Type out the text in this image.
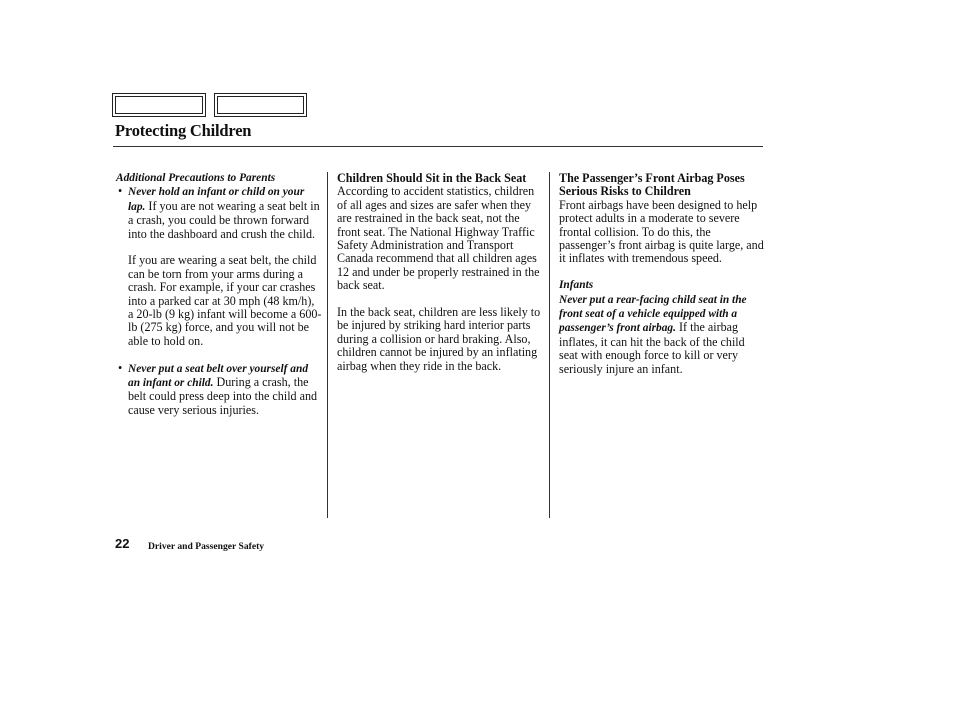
Protecting Children

Additional Precautions to Parents

• Never hold an infant or child on your lap. If you are not wearing a seat belt in a crash, you could be thrown forward into the dashboard and crush the child.

If you are wearing a seat belt, the child can be torn from your arms during a crash. For example, if your car crashes into a parked car at 30 mph (48 km/h), a 20-lb (9 kg) infant will become a 600-lb (275 kg) force, and you will not be able to hold on.

• Never put a seat belt over yourself and an infant or child. During a crash, the belt could press deep into the child and cause very serious injuries.

Children Should Sit in the Back Seat

According to accident statistics, children of all ages and sizes are safer when they are restrained in the back seat, not the front seat. The National Highway Traffic Safety Administration and Transport Canada recommend that all children ages 12 and under be properly restrained in the back seat.

In the back seat, children are less likely to be injured by striking hard interior parts during a collision or hard braking. Also, children cannot be injured by an inflating airbag when they ride in the back.

The Passenger’s Front Airbag Poses Serious Risks to Children

Front airbags have been designed to help protect adults in a moderate to severe frontal collision. To do this, the passenger’s front airbag is quite large, and it inflates with tremendous speed.

Infants

Never put a rear-facing child seat in the front seat of a vehicle equipped with a passenger’s front airbag. If the airbag inflates, it can hit the back of the child seat with enough force to kill or very seriously injure an infant.

22 Driver and Passenger Safety
